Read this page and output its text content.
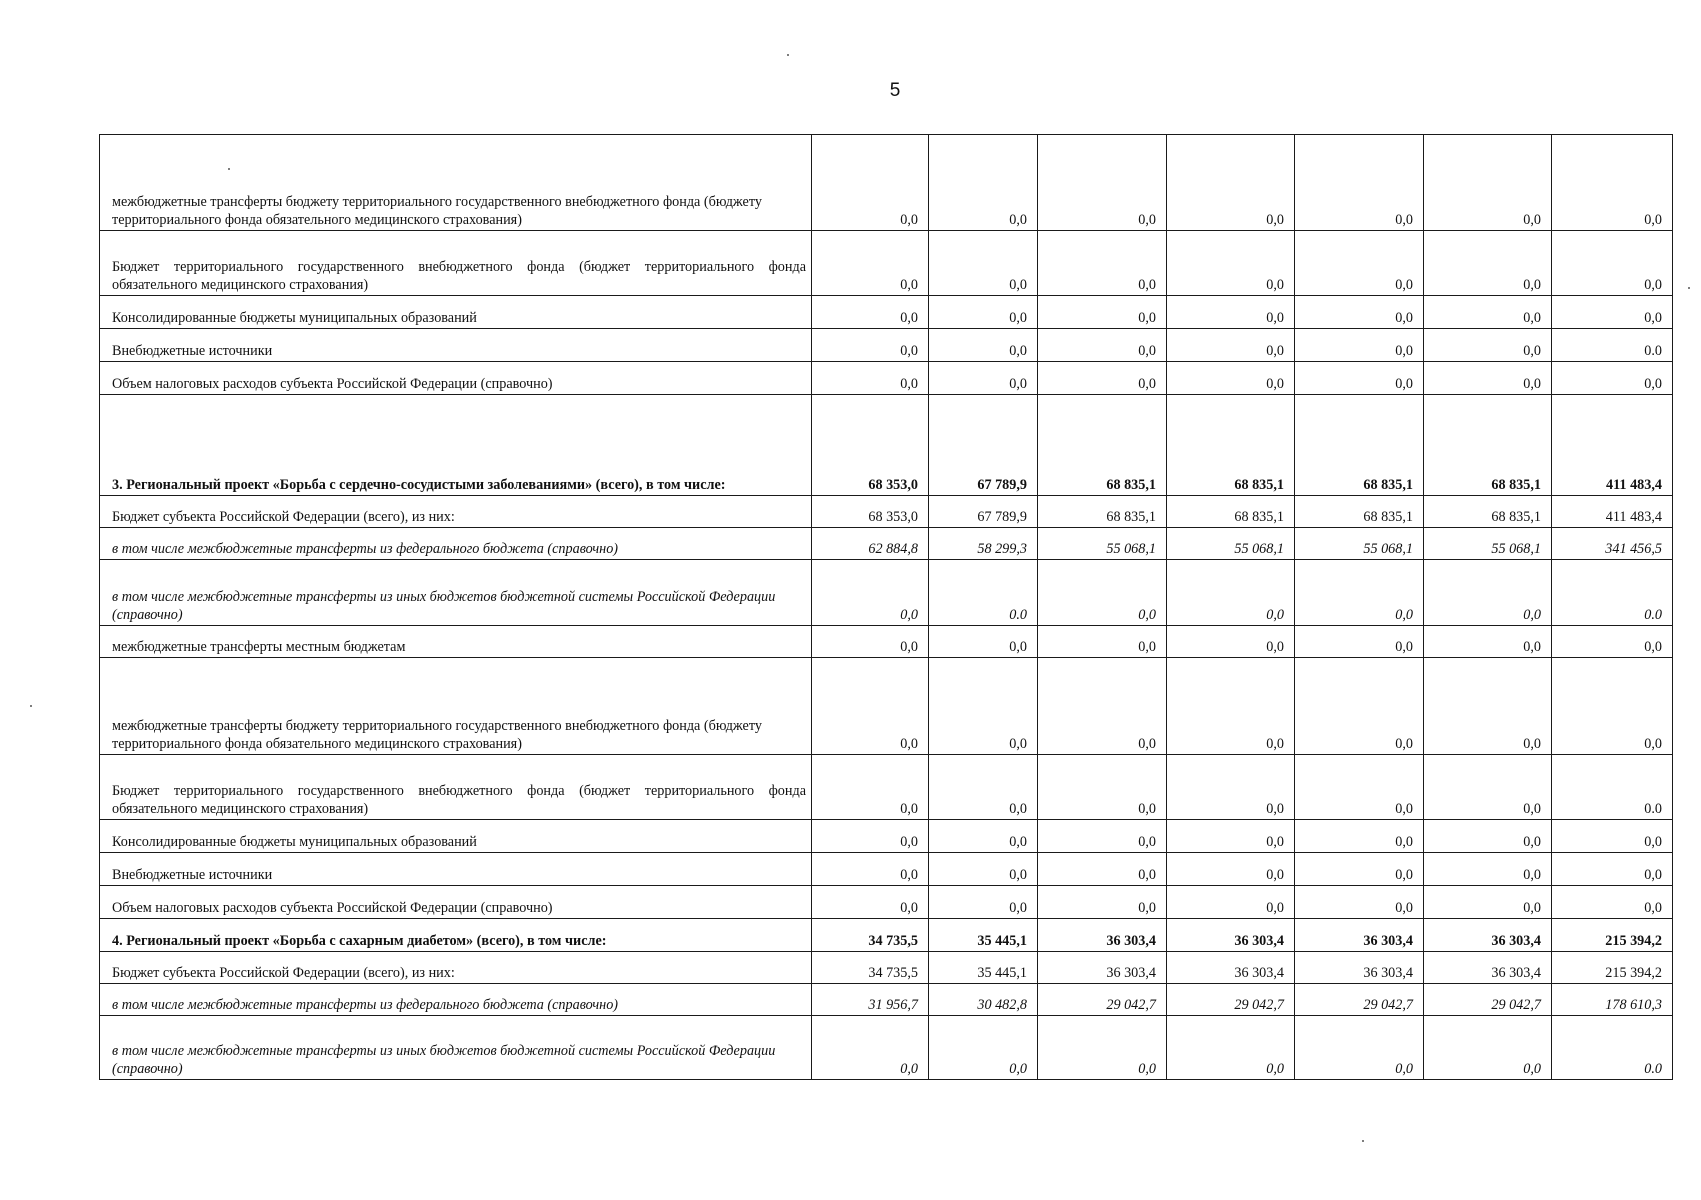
5
межбюджетные трансферты бюджету территориального государственного внебюджетного фонда (бюджету территориального фонда обязательного медицинского страхования)	0,0	0,0	0,0	0,0	0,0	0,0	0,0
Бюджет территориального государственного внебюджетного фонда (бюджет территориального фонда обязательного медицинского страхования)	0,0	0,0	0,0	0,0	0,0	0,0	0,0
Консолидированные бюджеты муниципальных образований	0,0	0,0	0,0	0,0	0,0	0,0	0,0
Внебюджетные источники	0,0	0,0	0,0	0,0	0,0	0,0	0.0
Объем налоговых расходов субъекта Российской Федерации (справочно)	0,0	0,0	0,0	0,0	0,0	0,0	0,0
3. Региональный проект «Борьба с сердечно-сосудистыми заболеваниями» (всего), в том числе:	68 353,0	67 789,9	68 835,1	68 835,1	68 835,1	68 835,1	411 483,4
Бюджет субъекта Российской Федерации (всего), из них:	68 353,0	67 789,9	68 835,1	68 835,1	68 835,1	68 835,1	411 483,4
в том числе межбюджетные трансферты из федерального бюджета (справочно)	62 884,8	58 299,3	55 068,1	55 068,1	55 068,1	55 068,1	341 456,5
в том числе межбюджетные трансферты из иных бюджетов бюджетной системы Российской Федерации (справочно)	0,0	0.0	0,0	0,0	0,0	0,0	0.0
межбюджетные трансферты местным бюджетам	0,0	0,0	0,0	0,0	0,0	0,0	0,0
межбюджетные трансферты бюджету территориального государственного внебюджетного фонда (бюджету территориального фонда обязательного медицинского страхования)	0,0	0,0	0,0	0,0	0,0	0,0	0,0
Бюджет территориального государственного внебюджетного фонда (бюджет территориального фонда обязательного медицинского страхования)	0,0	0,0	0,0	0,0	0,0	0,0	0.0
Консолидированные бюджеты муниципальных образований	0,0	0,0	0,0	0,0	0,0	0,0	0,0
Внебюджетные источники	0,0	0,0	0,0	0,0	0,0	0,0	0,0
Объем налоговых расходов субъекта Российской Федерации (справочно)	0,0	0,0	0,0	0,0	0,0	0,0	0,0
4. Региональный проект «Борьба с сахарным диабетом» (всего), в том числе:	34 735,5	35 445,1	36 303,4	36 303,4	36 303,4	36 303,4	215 394,2
Бюджет субъекта Российской Федерации (всего), из них:	34 735,5	35 445,1	36 303,4	36 303,4	36 303,4	36 303,4	215 394,2
в том числе межбюджетные трансферты из федерального бюджета (справочно)	31 956,7	30 482,8	29 042,7	29 042,7	29 042,7	29 042,7	178 610,3
в том числе межбюджетные трансферты из иных бюджетов бюджетной системы Российской Федерации (справочно)	0,0	0,0	0,0	0,0	0,0	0,0	0.0
